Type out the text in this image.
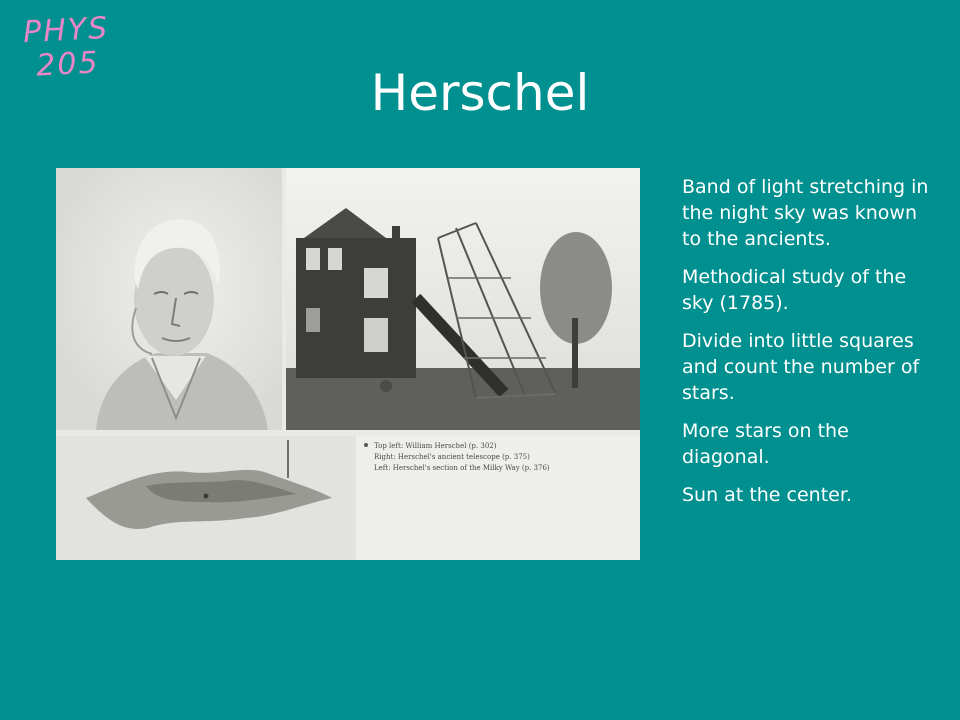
PHYS
205	Herschel
Top left: William Herschel (p. 302)
Right: Herschel's ancient telescope (p. 375)
Left: Herschel's section of the Milky Way (p. 376)

Band of light stretching in the night sky was known to the ancients.

Methodical study of the sky (1785).

Divide into little squares and count the number of stars.

More stars on the diagonal.

Sun at the center.
